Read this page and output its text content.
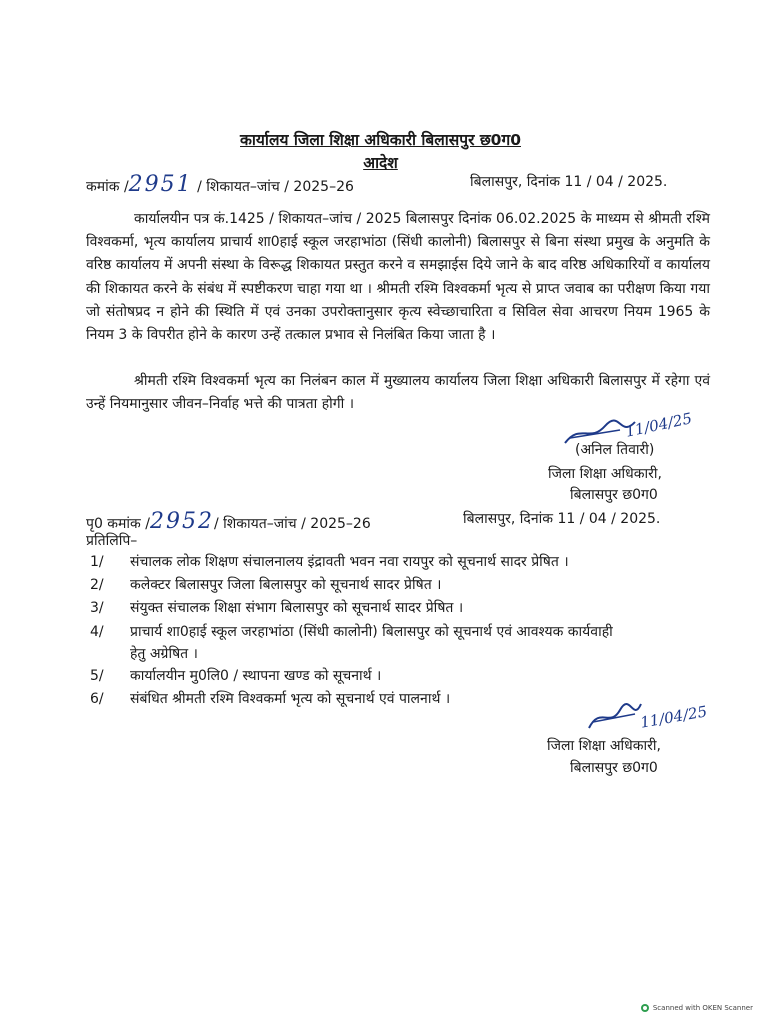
कार्यालय जिला शिक्षा अधिकारी बिलासपुर छ0ग0
आदेश
कमांक /2951 / शिकायत–जांच / 2025–26	बिलासपुर, दिनांक 11 / 04 / 2025.
कार्यालयीन पत्र कं.1425 / शिकायत–जांच / 2025 बिलासपुर दिनांक 06.02.2025 के माध्यम से श्रीमती रश्मि विश्वकर्मा, भृत्य कार्यालय प्राचार्य शा0हाई स्कूल जरहाभांठा (सिंधी कालोनी) बिलासपुर से बिना संस्था प्रमुख के अनुमति के वरिष्ठ कार्यालय में अपनी संस्था के विरूद्ध शिकायत प्रस्तुत करने व समझाईस दिये जाने के बाद वरिष्ठ अधिकारियों व कार्यालय की शिकायत करने के संबंध में स्पष्टीकरण चाहा गया था । श्रीमती रश्मि विश्वकर्मा भृत्य से प्राप्त जवाब का परीक्षण किया गया जो संतोषप्रद न होने की स्थिति में एवं उनका उपरोक्तानुसार कृत्य स्वेच्छाचारिता व सिविल सेवा आचरण नियम 1965 के नियम 3 के विपरीत होने के कारण उन्हें तत्काल प्रभाव से निलंबित किया जाता है ।
श्रीमती रश्मि विश्वकर्मा भृत्य का निलंबन काल में मुख्यालय कार्यालय जिला शिक्षा अधिकारी बिलासपुर में रहेगा एवं उन्हें नियमानुसार जीवन–निर्वाह भत्ते की पात्रता होगी ।
11/04/25
(अनिल तिवारी)
जिला शिक्षा अधिकारी,
बिलासपुर छ0ग0
पृ0 कमांक /2952/ शिकायत–जांच / 2025–26	बिलासपुर, दिनांक 11 / 04 / 2025.
प्रतिलिपि–
1/ संचालक लोक शिक्षण संचालनालय इंद्रावती भवन नवा रायपुर को सूचनार्थ सादर प्रेषित ।
2/ कलेक्टर बिलासपुर जिला बिलासपुर को सूचनार्थ सादर प्रेषित ।
3/ संयुक्त संचालक शिक्षा संभाग बिलासपुर को सूचनार्थ सादर प्रेषित ।
4/ प्राचार्य शा0हाई स्कूल जरहाभांठा (सिंधी कालोनी) बिलासपुर को सूचनार्थ एवं आवश्यक कार्यवाही हेतु अग्रेषित ।
5/ कार्यालयीन मु0लि0 / स्थापना खण्ड को सूचनार्थ ।
6/ संबंधित श्रीमती रश्मि विश्वकर्मा भृत्य को सूचनार्थ एवं पालनार्थ ।
11/04/25
जिला शिक्षा अधिकारी,
बिलासपुर छ0ग0
Scanned with OKEN Scanner
